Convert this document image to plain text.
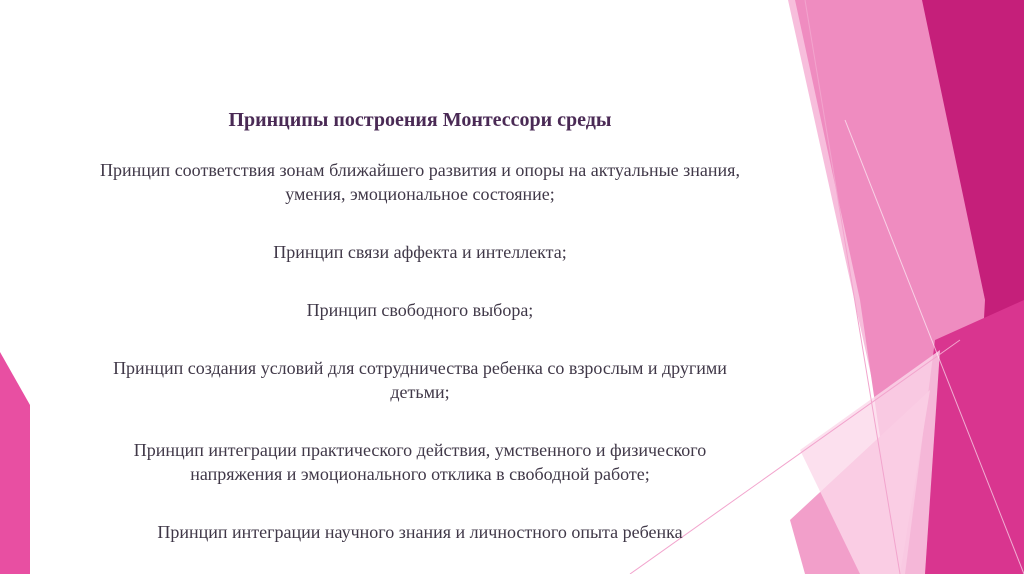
Принципы построения Монтессори среды

Принцип соответствия зонам ближайшего развития и опоры на актуальные знания, умения, эмоциональное состояние;

Принцип связи аффекта и интеллекта;

Принцип свободного выбора;

Принцип создания условий для сотрудничества ребенка со взрослым и другими детьми;

Принцип интеграции практического действия, умственного и физического напряжения и эмоционального отклика в свободной работе;

Принцип интеграции научного знания и личностного опыта ребенка
